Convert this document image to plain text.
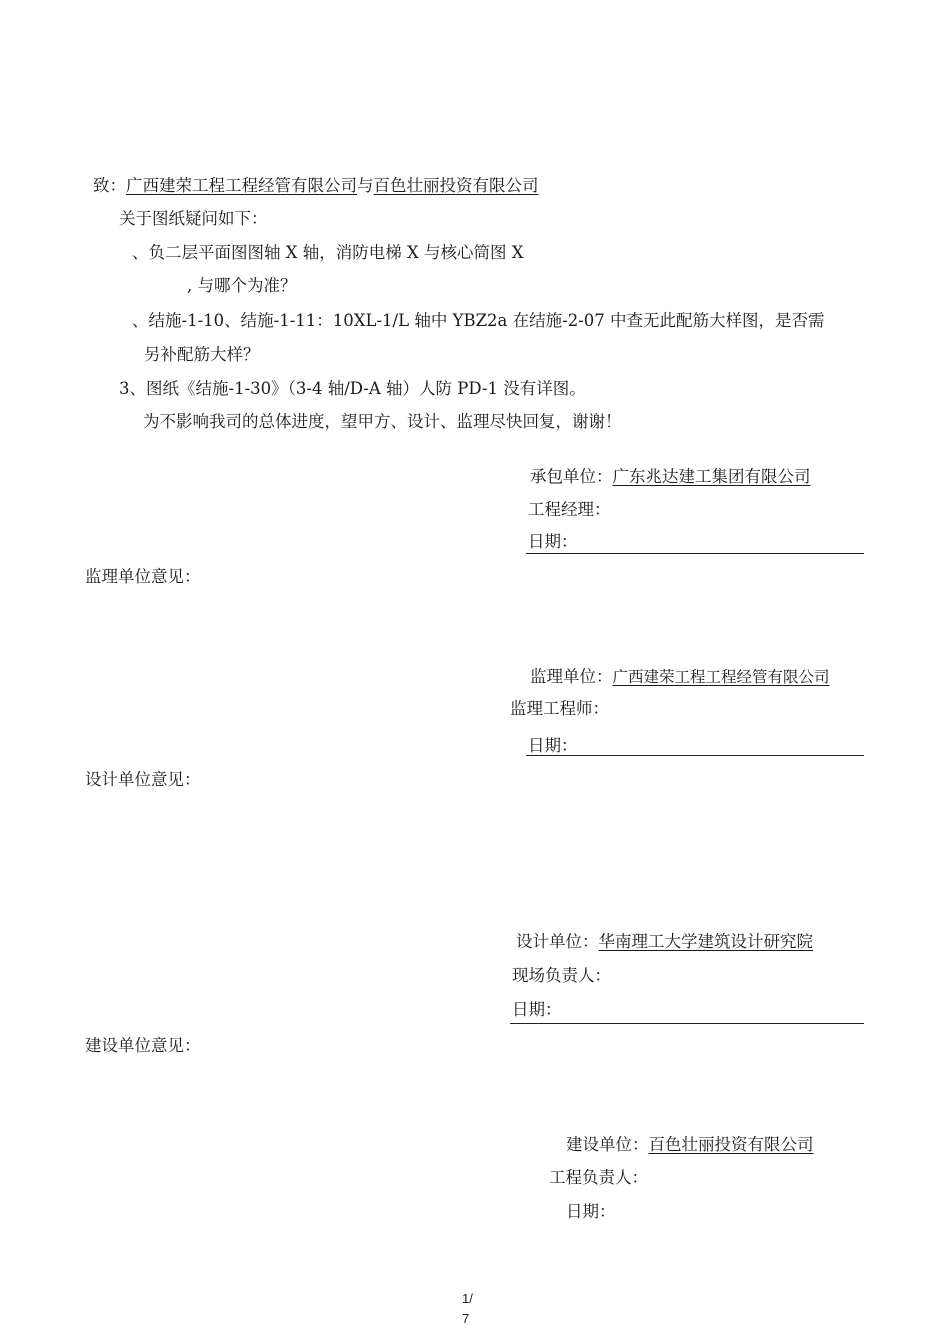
致：广西建荣工程工程经管有限公司与百色壮丽投资有限公司
关于图纸疑问如下：
、负二层平面图图轴 X 轴，消防电梯 X 与核心筒图 X
, 与哪个为准？
、结施-1-10、结施-1-11：10XL-1/L 轴中 YBZ2a 在结施-2-07 中查无此配筋大样图，是否需
另补配筋大样？
3、图纸《结施-1-30》（3-4 轴/D-A 轴）人防 PD-1 没有详图。
为不影响我司的总体进度，望甲方、设计、监理尽快回复，谢谢！
承包单位：广东兆达建工集团有限公司
工程经理：
日期：
监理单位意见：
监理单位：广西建荣工程工程经管有限公司
监理工程师：
日期：
设计单位意见：
设计单位：华南理工大学建筑设计研究院
现场负责人：
日期：
建设单位意见：
建设单位：百色壮丽投资有限公司
工程负责人：
日期：
1/
7
